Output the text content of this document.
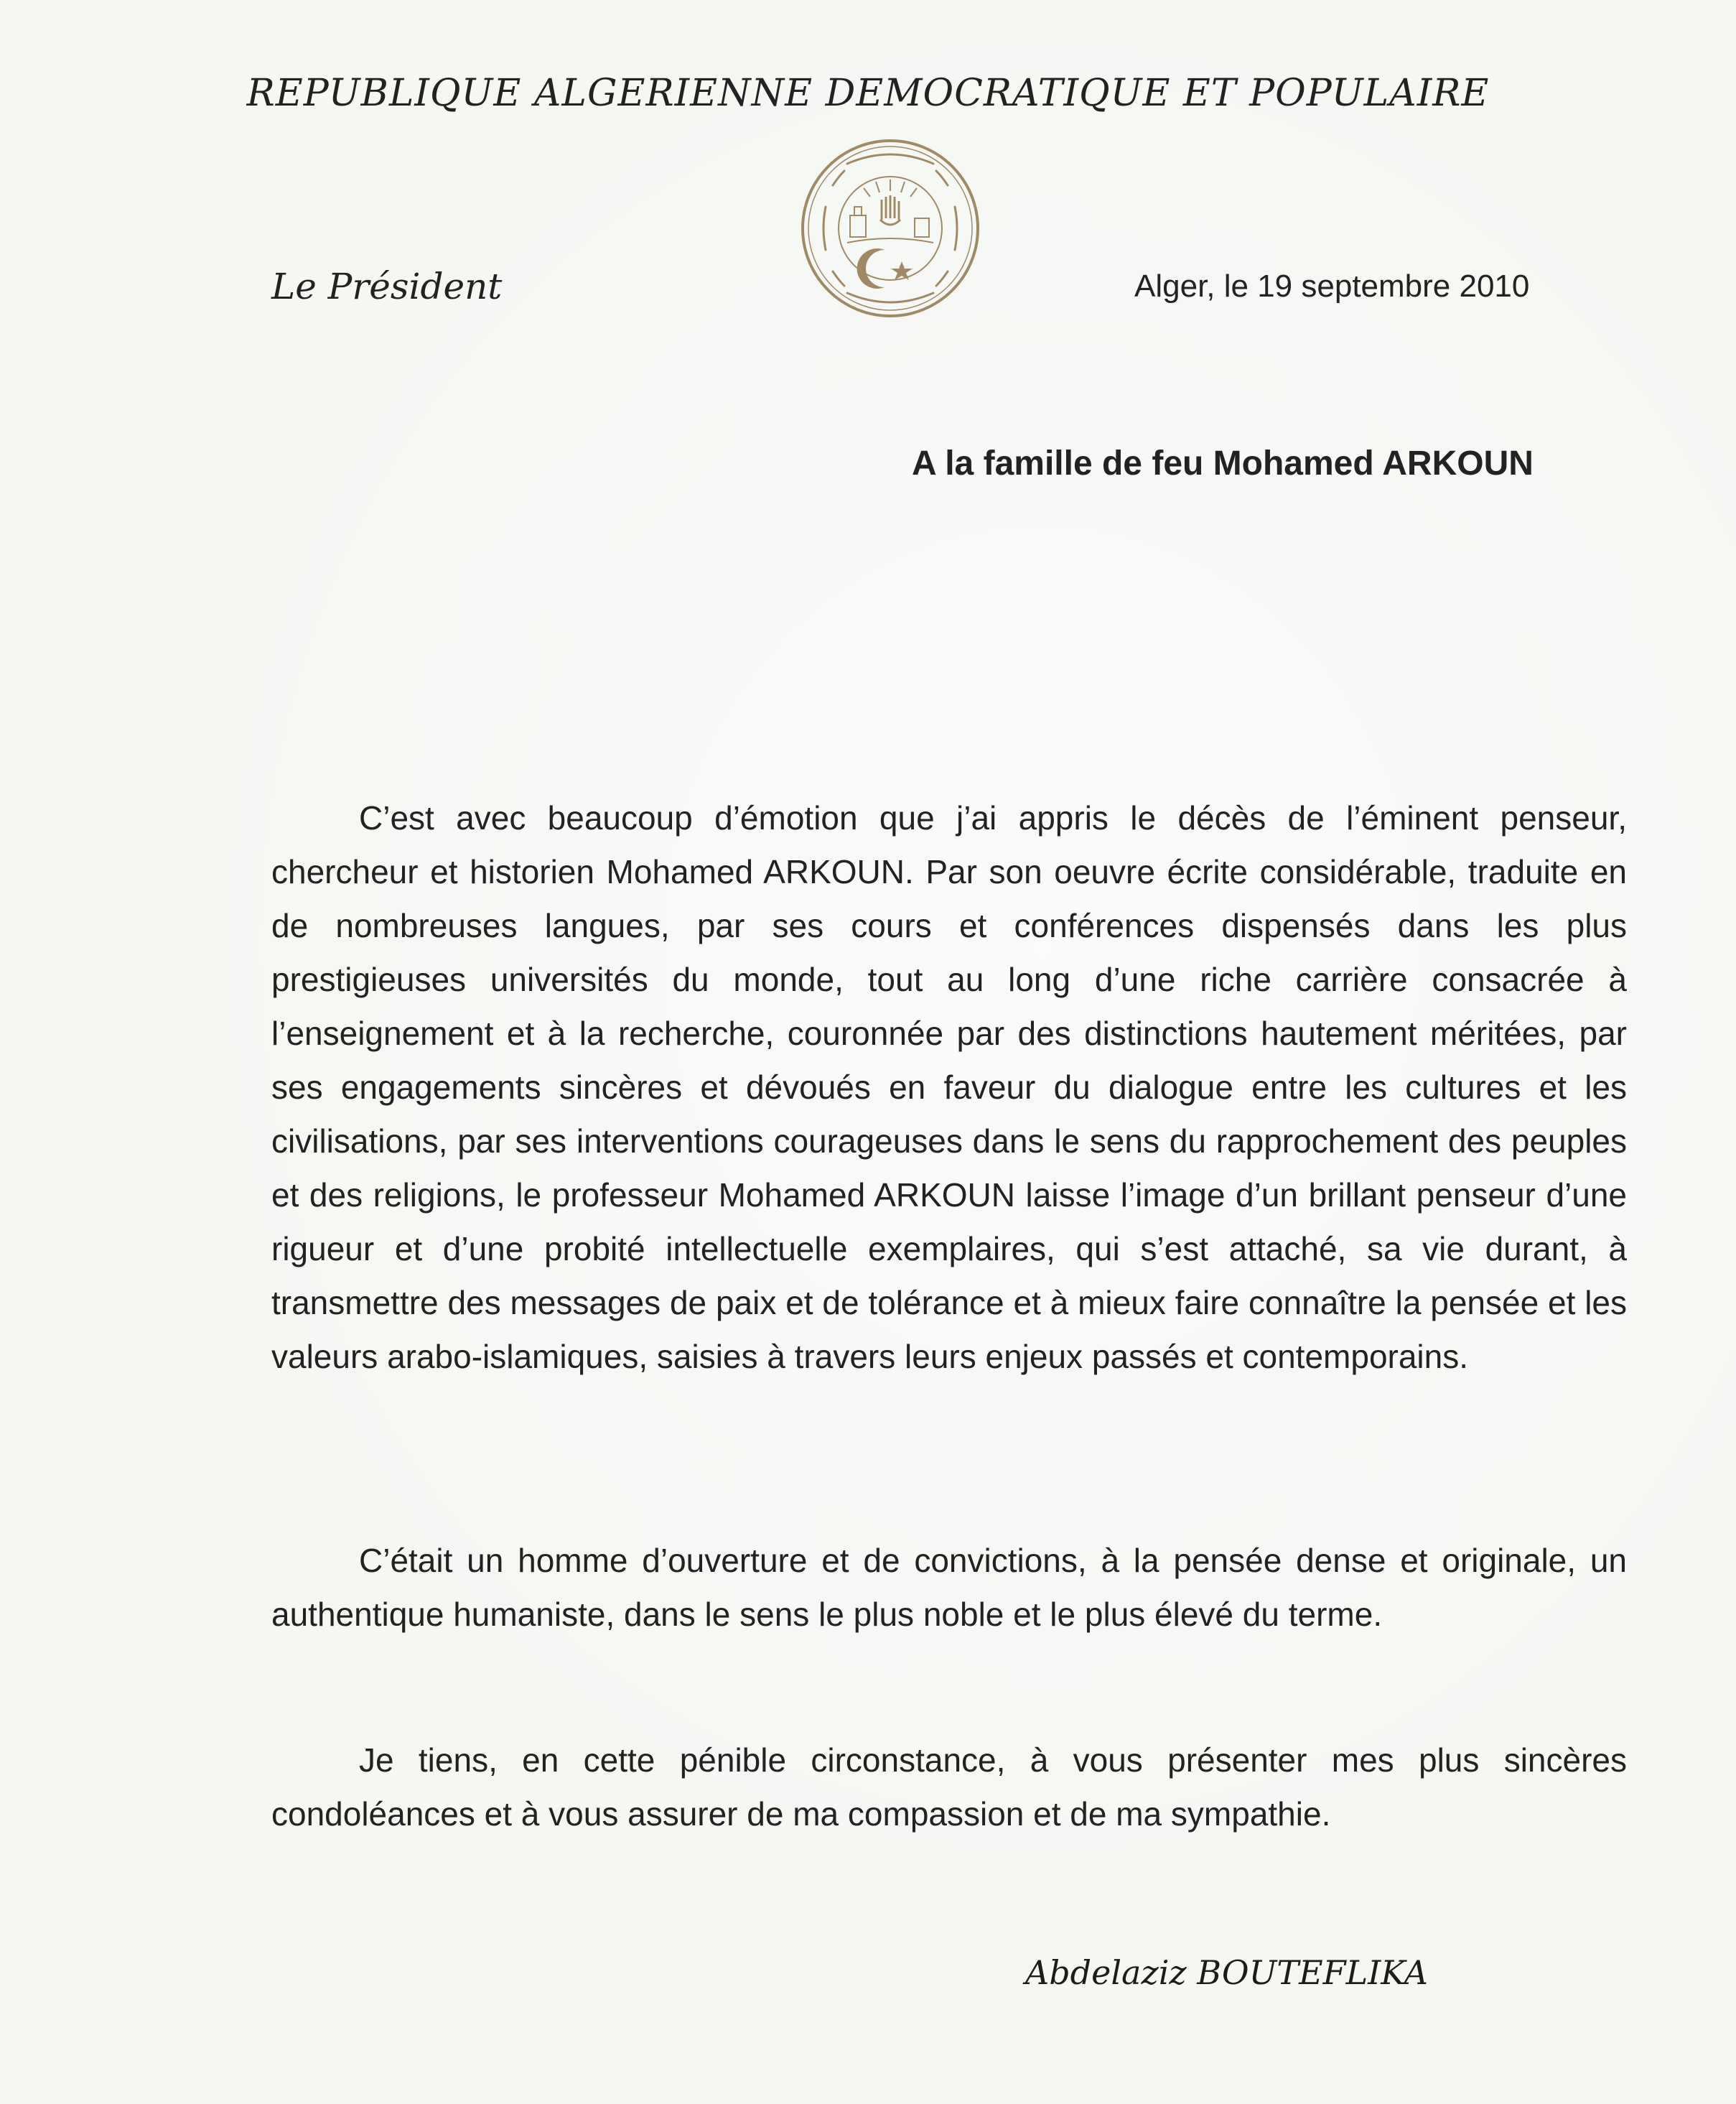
REPUBLIQUE ALGERIENNE DEMOCRATIQUE ET POPULAIRE
Le Président	Alger, le 19 septembre 2010
A la famille de feu Mohamed ARKOUN

C’est avec beaucoup d’émotion que j’ai appris le décès de l’éminent penseur, chercheur et historien Mohamed ARKOUN. Par son oeuvre écrite considérable, traduite en de nombreuses langues, par ses cours et conférences dispensés dans les plus prestigieuses universités du monde, tout au long d’une riche carrière consacrée à l’enseignement et à la recherche, couronnée par des distinctions hautement méritées, par ses engagements sincères et dévoués en faveur du dialogue entre les cultures et les civilisations, par ses interventions courageuses dans le sens du rapprochement des peuples et des religions, le professeur Mohamed ARKOUN laisse l’image d’un brillant penseur d’une rigueur et d’une probité intellectuelle exemplaires, qui s’est attaché, sa vie durant, à transmettre des messages de paix et de tolérance et à mieux faire connaître la pensée et les valeurs arabo-islamiques, saisies à travers leurs enjeux passés et contemporains.

C’était un homme d’ouverture et de convictions, à la pensée dense et originale, un authentique humaniste, dans le sens le plus noble et le plus élevé du terme.

Je tiens, en cette pénible circonstance, à vous présenter mes plus sincères condoléances et à vous assurer de ma compassion et de ma sympathie.

Abdelaziz BOUTEFLIKA
